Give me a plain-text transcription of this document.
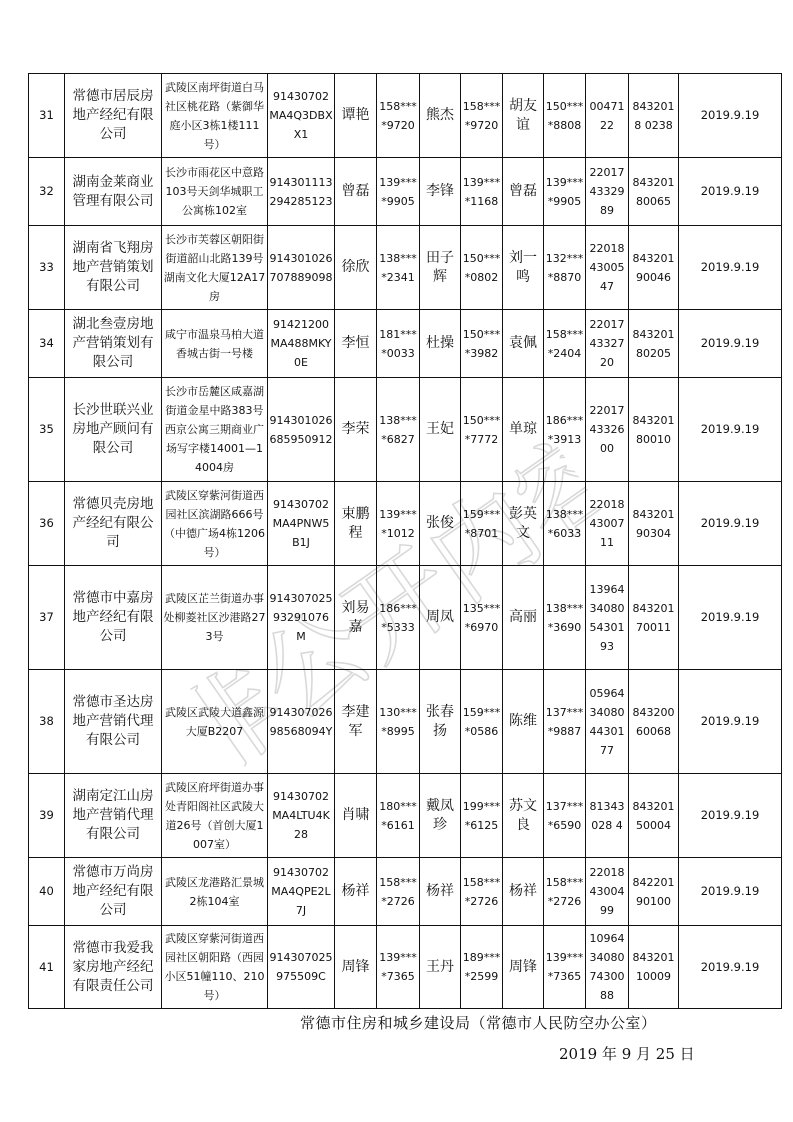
非公开内容
31	常德市居辰房地产经纪有限公司	武陵区南坪街道白马社区桃花路（紫御华庭小区3栋1楼111号）	91430702MA4Q3DBXX1	谭艳	158****9720	熊杰	158****9720	胡友谊	150****8808	0047122	8432018 0238	2019.9.19
32	湖南金莱商业管理有限公司	长沙市雨花区中意路103号天剑华城职工公寓栋102室	914301113294285123	曾磊	139****9905	李锋	139****1168	曾磊	139****9905	220174332989	84320180065	2019.9.19
33	湖南省飞翔房地产营销策划有限公司	长沙市芙蓉区朝阳街街道韶山北路139号湖南文化大厦12A17房	914301026707889098	徐欣	138****2341	田子辉	150****0802	刘一鸣	132****8870	220184300547	84320190046	2019.9.19
34	湖北叁壹房地产营销策划有限公司	咸宁市温泉马柏大道香城古街一号楼	91421200MA488MKY0E	李恒	181****0033	杜操	150****3982	袁佩	158****2404	220174332720	84320180205	2019.9.19
35	长沙世联兴业房地产顾问有限公司	长沙市岳麓区咸嘉湖街道金星中路383号西京公寓三期商业广场写字楼14001—14004房	914301026685950912	李荣	138****6827	王妃	150****7772	单琼	186****3913	220174332600	84320180010	2019.9.19
36	常德贝壳房地产经纪有限公司	武陵区穿紫河街道西园社区滨湖路666号（中德广场4栋1206号）	91430702MA4PNW5B1J	束鹏程	139****1012	张俊	159****8701	彭英文	138****6033	220184300711	84320190304	2019.9.19
37	常德市中嘉房地产经纪有限公司	武陵区芷兰街道办事处柳菱社区沙港路273号	91430702593291076M	刘易嘉	186****5333	周凤	135****6970	高丽	138****3690	13964340805430193	84320170011	2019.9.19
38	常德市圣达房地产营销代理有限公司	武陵区武陵大道鑫源大厦B2207	91430702698568094Y	李建军	130****8995	张春扬	159****0586	陈维	137****9887	05964340804430177	84320060068	2019.9.19
39	湖南定江山房地产营销代理有限公司	武陵区府坪街道办事处青阳阁社区武陵大道26号（首创大厦1007室）	91430702MA4LTU4K28	肖啸	180****6161	戴凤珍	199****6125	苏文良	137****6590	81343028 4	84320150004	2019.9.19
40	常德市万尚房地产经纪有限公司	武陵区龙港路汇景城2栋104室	91430702MA4QPE2L7J	杨祥	158****2726	杨祥	158****2726	杨祥	158****2726	220184300499	84220190100	2019.9.19
41	常德市我爱我家房地产经纪有限责任公司	武陵区穿紫河街道西园社区朝阳路（西园小区51幢110、210号）	914307025975509C	周锋	139****7365	王丹	189****2599	周锋	139****7365	109643408074300 88	84320110009	2019.9.19
常德市住房和城乡建设局（常德市人民防空办公室）
2019 年 9 月 25 日
